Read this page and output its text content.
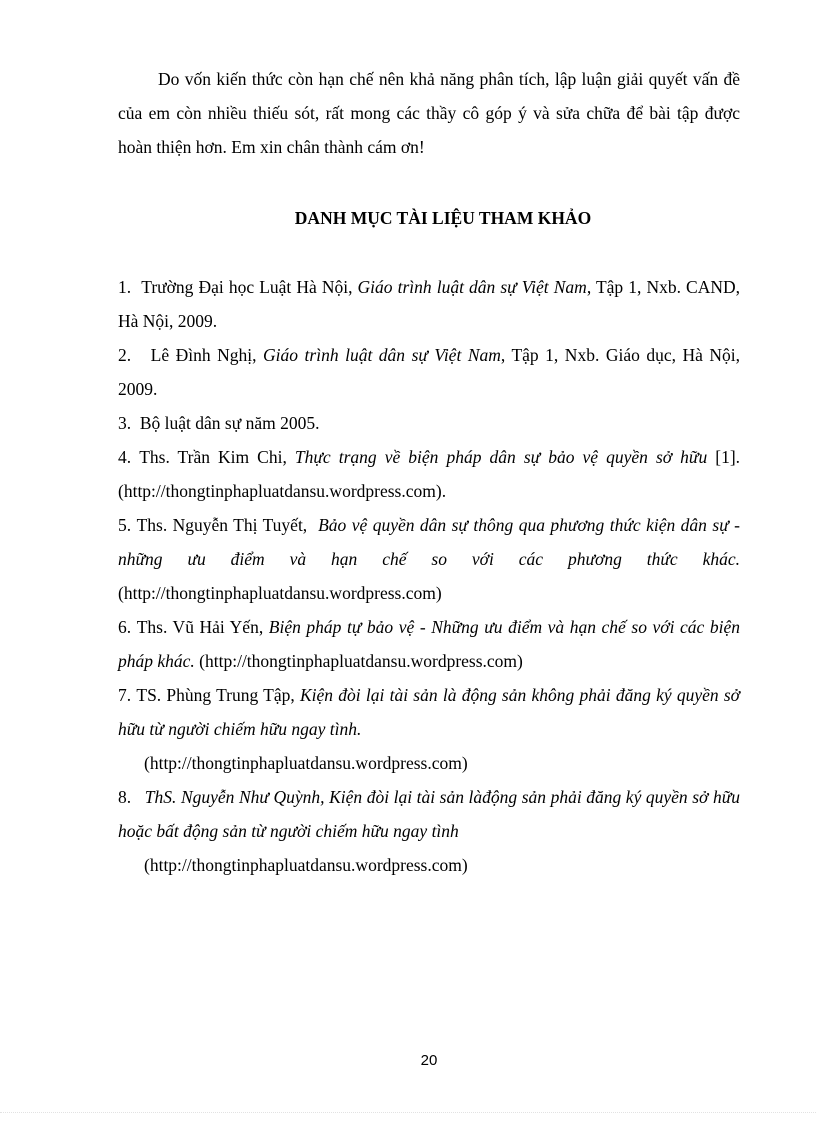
Do vốn kiến thức còn hạn chế nên khả năng phân tích, lập luận giải quyết vấn đề của em còn nhiều thiếu sót, rất mong các thầy cô góp ý và sửa chữa để bài tập được hoàn thiện hơn. Em xin chân thành cám ơn!

DANH MỤC TÀI LIỆU THAM KHẢO

1. Trường Đại học Luật Hà Nội, Giáo trình luật dân sự Việt Nam, Tập 1, Nxb. CAND, Hà Nội, 2009.

2. Lê Đình Nghị, Giáo trình luật dân sự Việt Nam, Tập 1, Nxb. Giáo dục, Hà Nội, 2009.

3. Bộ luật dân sự năm 2005.

4. Ths. Trần Kim Chi, Thực trạng về biện pháp dân sự bảo vệ quyền sở hữu [1]. (http://thongtinphapluatdansu.wordpress.com).

5. Ths. Nguyễn Thị Tuyết, Bảo vệ quyền dân sự thông qua phương thức kiện dân sự - những ưu điểm và hạn chế so với các phương thức khác. (http://thongtinphapluatdansu.wordpress.com)

6. Ths. Vũ Hải Yến, Biện pháp tự bảo vệ - Những ưu điểm và hạn chế so với các biện pháp khác. (http://thongtinphapluatdansu.wordpress.com)

7. TS. Phùng Trung Tập, Kiện đòi lại tài sản là động sản không phải đăng ký quyền sở hữu từ người chiếm hữu ngay tình.
(http://thongtinphapluatdansu.wordpress.com)

8. ThS. Nguyễn Như Quỳnh, Kiện đòi lại tài sản làđộng sản phải đăng ký quyền sở hữu hoặc bất động sản từ người chiếm hữu ngay tình
(http://thongtinphapluatdansu.wordpress.com)

20
